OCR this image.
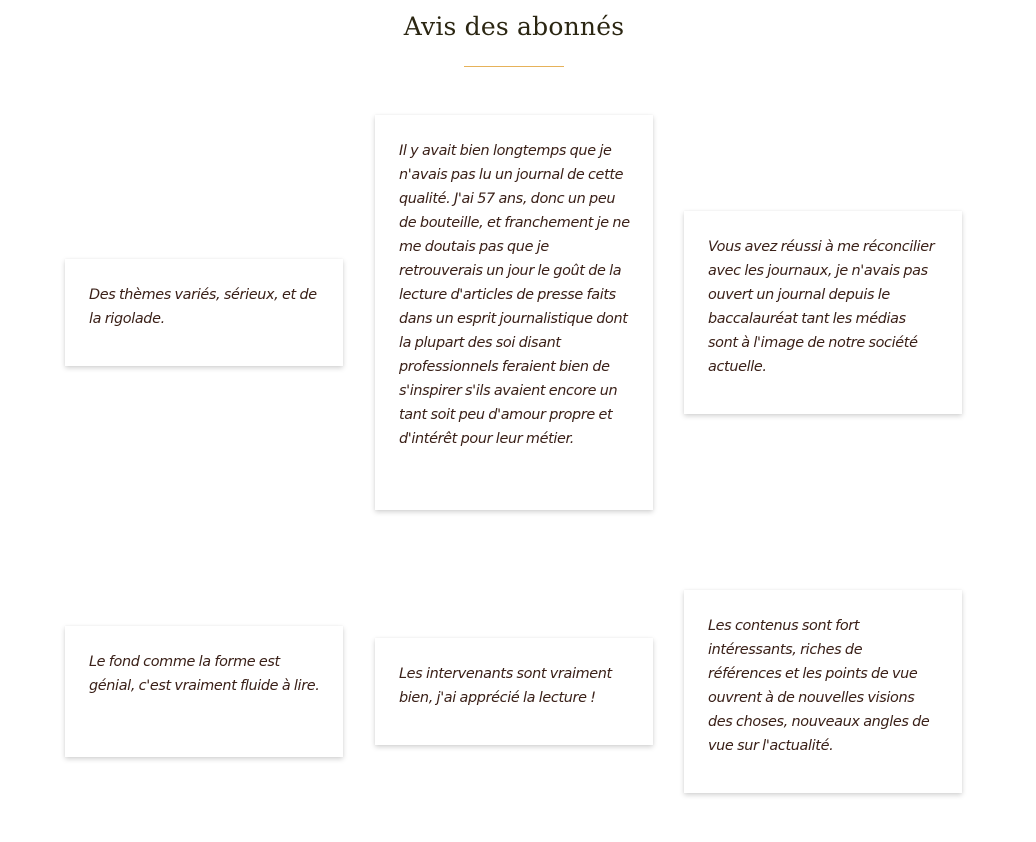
Avis des abonnés

Des thèmes variés, sérieux, et de la rigolade.

Il y avait bien longtemps que je n'avais pas lu un journal de cette qualité. J'ai 57 ans, donc un peu de bouteille, et franchement je ne me doutais pas que je retrouverais un jour le goût de la lecture d'articles de presse faits dans un esprit journalistique dont la plupart des soi disant professionnels feraient bien de s'inspirer s'ils avaient encore un tant soit peu d'amour propre et d'intérêt pour leur métier.

Vous avez réussi à me réconcilier avec les journaux, je n'avais pas ouvert un journal depuis le baccalauréat tant les médias sont à l'image de notre société actuelle.

Le fond comme la forme est génial, c'est vraiment fluide à lire.

Les intervenants sont vraiment bien, j'ai apprécié la lecture !

Les contenus sont fort intéressants, riches de références et les points de vue ouvrent à de nouvelles visions des choses, nouveaux angles de vue sur l'actualité.
